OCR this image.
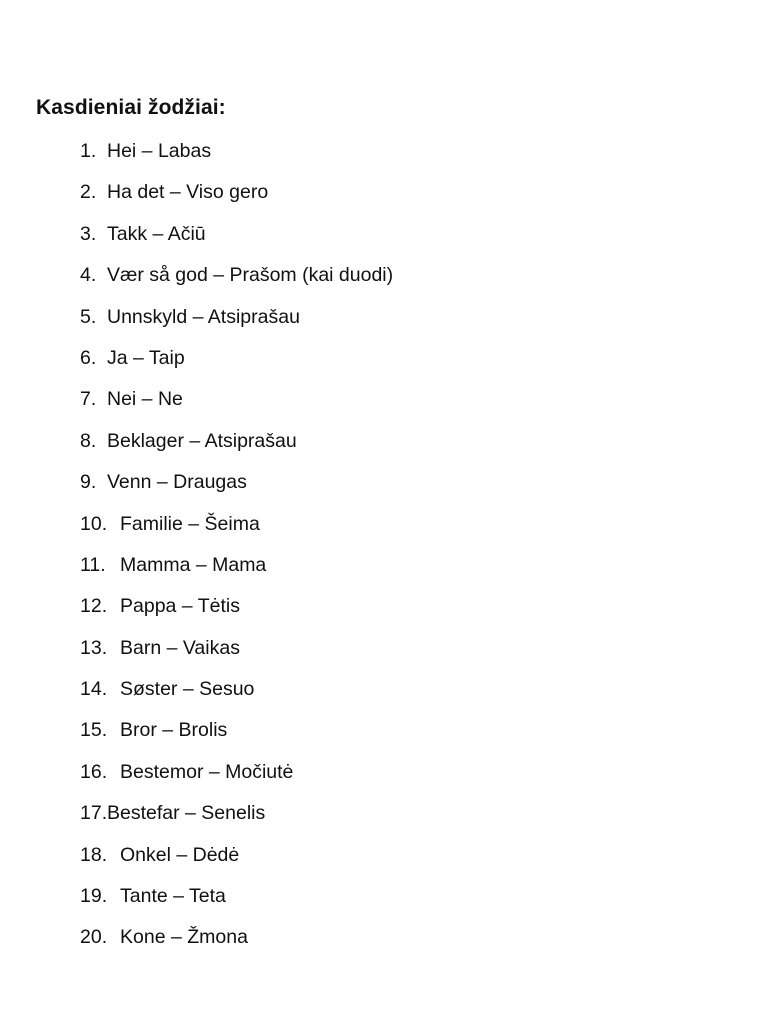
Kasdieniai žodžiai:
1. Hei – Labas
2. Ha det – Viso gero
3. Takk – Ačiū
4. Vær så god – Prašom (kai duodi)
5. Unnskyld – Atsiprašau
6. Ja – Taip
7. Nei – Ne
8. Beklager – Atsiprašau
9. Venn – Draugas
10. Familie – Šeima
11. Mamma – Mama
12. Pappa – Tėtis
13. Barn – Vaikas
14. Søster – Sesuo
15. Bror – Brolis
16. Bestemor – Močiutė
17.Bestefar – Senelis
18. Onkel – Dėdė
19. Tante – Teta
20. Kone – Žmona
